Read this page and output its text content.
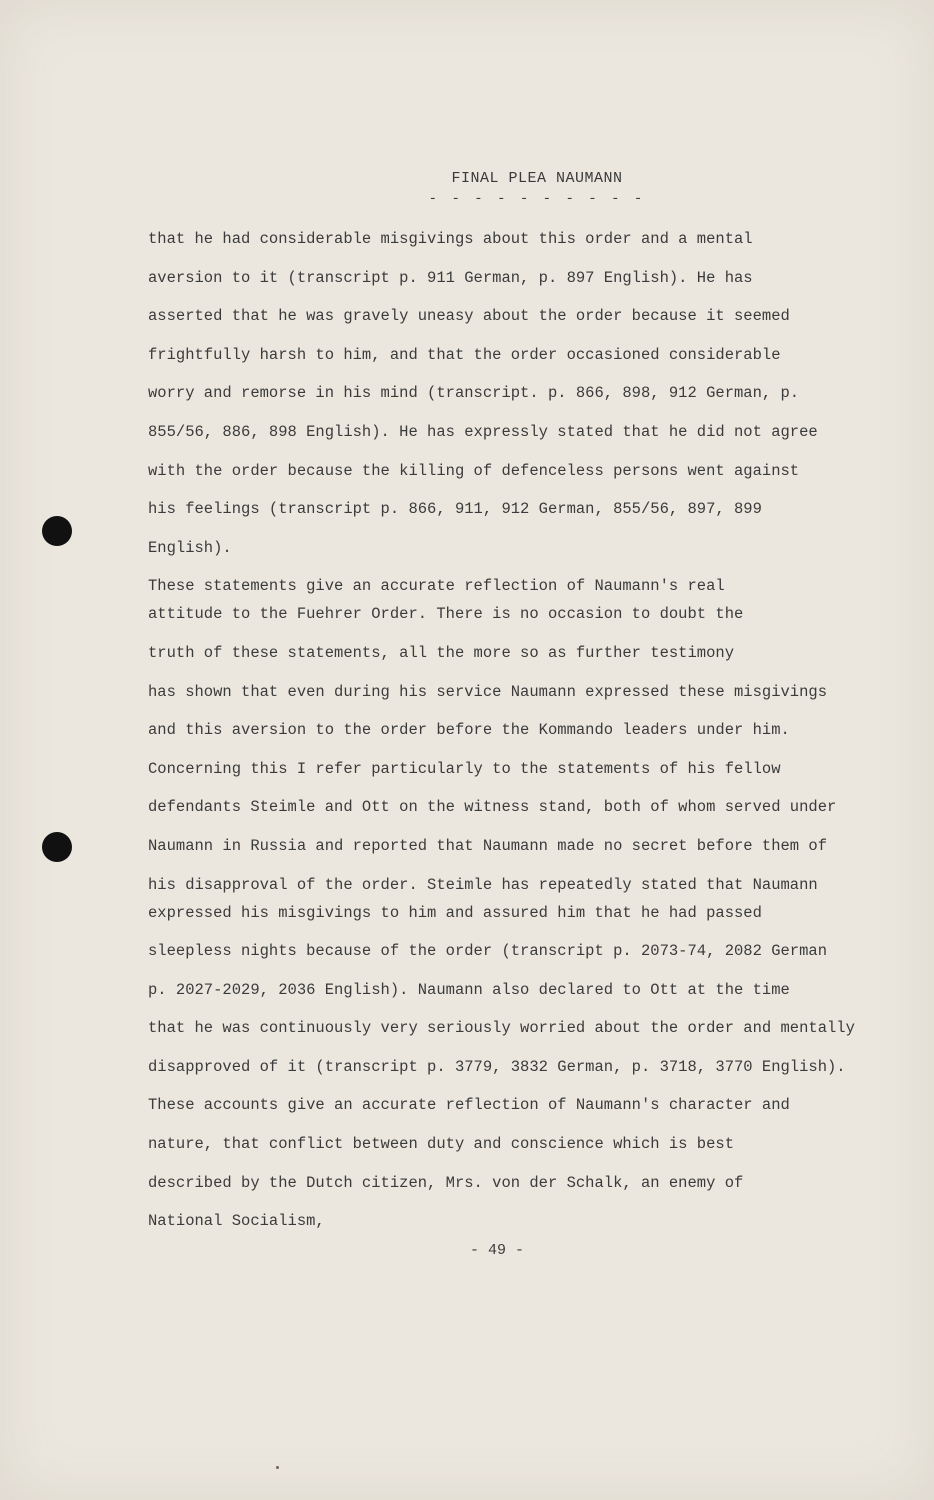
FINAL PLEA NAUMANN
- - - - - - - - - -
that he had considerable misgivings about this order and a mental
aversion to it (transcript p. 911 German, p. 897 English). He has
asserted that he was gravely uneasy about the order because it seemed
frightfully harsh to him, and that the order occasioned considerable
worry and remorse in his mind (transcript. p. 866, 898, 912 German, p.
855/56, 886, 898 English). He has expressly stated that he did not agree
with the order because the killing of defenceless persons went against
his feelings (transcript p. 866, 911, 912 German, 855/56, 897, 899
English).
These statements give an accurate reflection of Naumann's real
attitude to the Fuehrer Order. There is no occasion to doubt the
truth of these statements, all the more so as further testimony
has shown that even during his service Naumann expressed these misgivings
and this aversion to the order before the Kommando leaders under him.
Concerning this I refer particularly to the statements of his fellow
defendants Steimle and Ott on the witness stand, both of whom served under
Naumann in Russia and reported that Naumann made no secret before them of
his disapproval of the order. Steimle has repeatedly stated that Naumann
expressed his misgivings to him and assured him that he had passed
sleepless nights because of the order (transcript p. 2073-74, 2082 German
p. 2027-2029, 2036 English). Naumann also declared to Ott at the time
that he was continuously very seriously worried about the order and mentally
disapproved of it (transcript p. 3779, 3832 German, p. 3718, 3770 English).
These accounts give an accurate reflection of Naumann's character and
nature, that conflict between duty and conscience which is best
described by the Dutch citizen, Mrs. von der Schalk, an enemy of
National Socialism,
- 49 -
